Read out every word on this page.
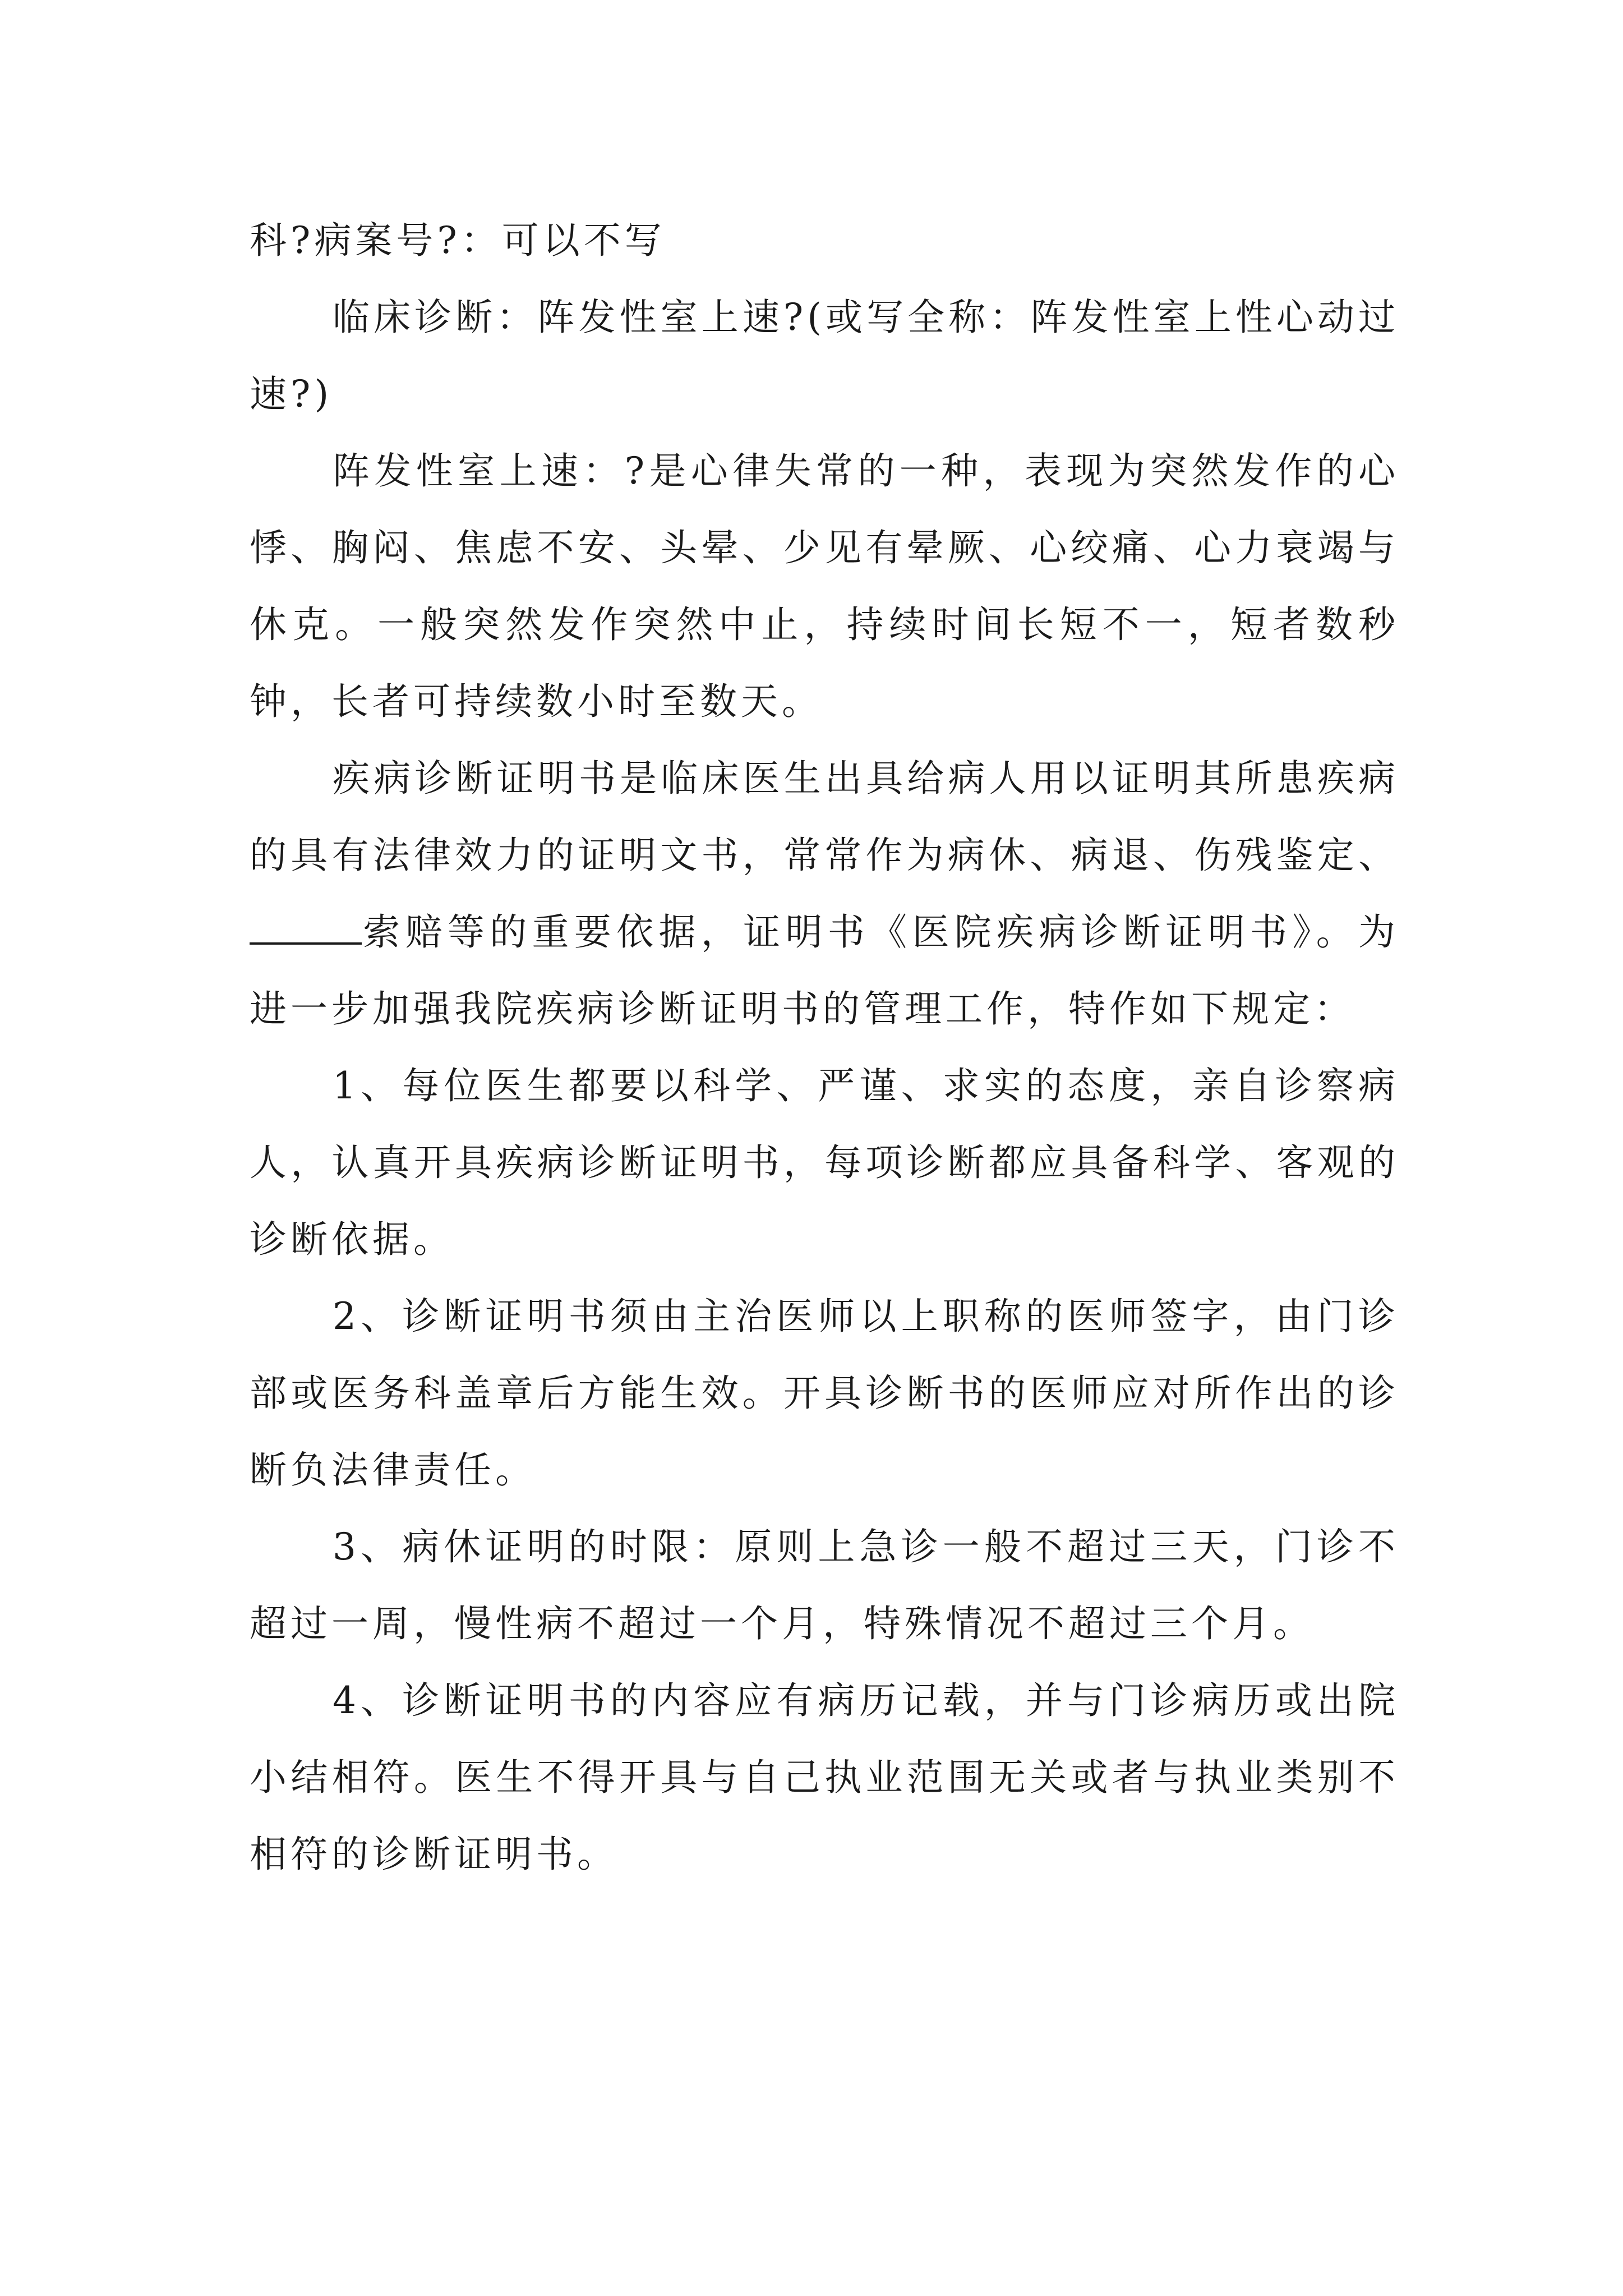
科?病案号?：可以不写

临床诊断：阵发性室上速?(或写全称：阵发性室上性心动过速?)

阵发性室上速：?是心律失常的一种，表现为突然发作的心悸、胸闷、焦虑不安、头晕、少见有晕厥、心绞痛、心力衰竭与休克。一般突然发作突然中止，持续时间长短不一，短者数秒钟，长者可持续数小时至数天。

疾病诊断证明书是临床医生出具给病人用以证明其所患疾病的具有法律效力的证明文书，常常作为病休、病退、伤残鉴定、索赔等的重要依据，证明书《医院疾病诊断证明书》。为进一步加强我院疾病诊断证明书的管理工作，特作如下规定：

1、每位医生都要以科学、严谨、求实的态度，亲自诊察病人，认真开具疾病诊断证明书，每项诊断都应具备科学、客观的诊断依据。

2、诊断证明书须由主治医师以上职称的医师签字，由门诊部或医务科盖章后方能生效。开具诊断书的医师应对所作出的诊断负法律责任。

3、病休证明的时限：原则上急诊一般不超过三天，门诊不超过一周，慢性病不超过一个月，特殊情况不超过三个月。

4、诊断证明书的内容应有病历记载，并与门诊病历或出院小结相符。医生不得开具与自己执业范围无关或者与执业类别不相符的诊断证明书。
